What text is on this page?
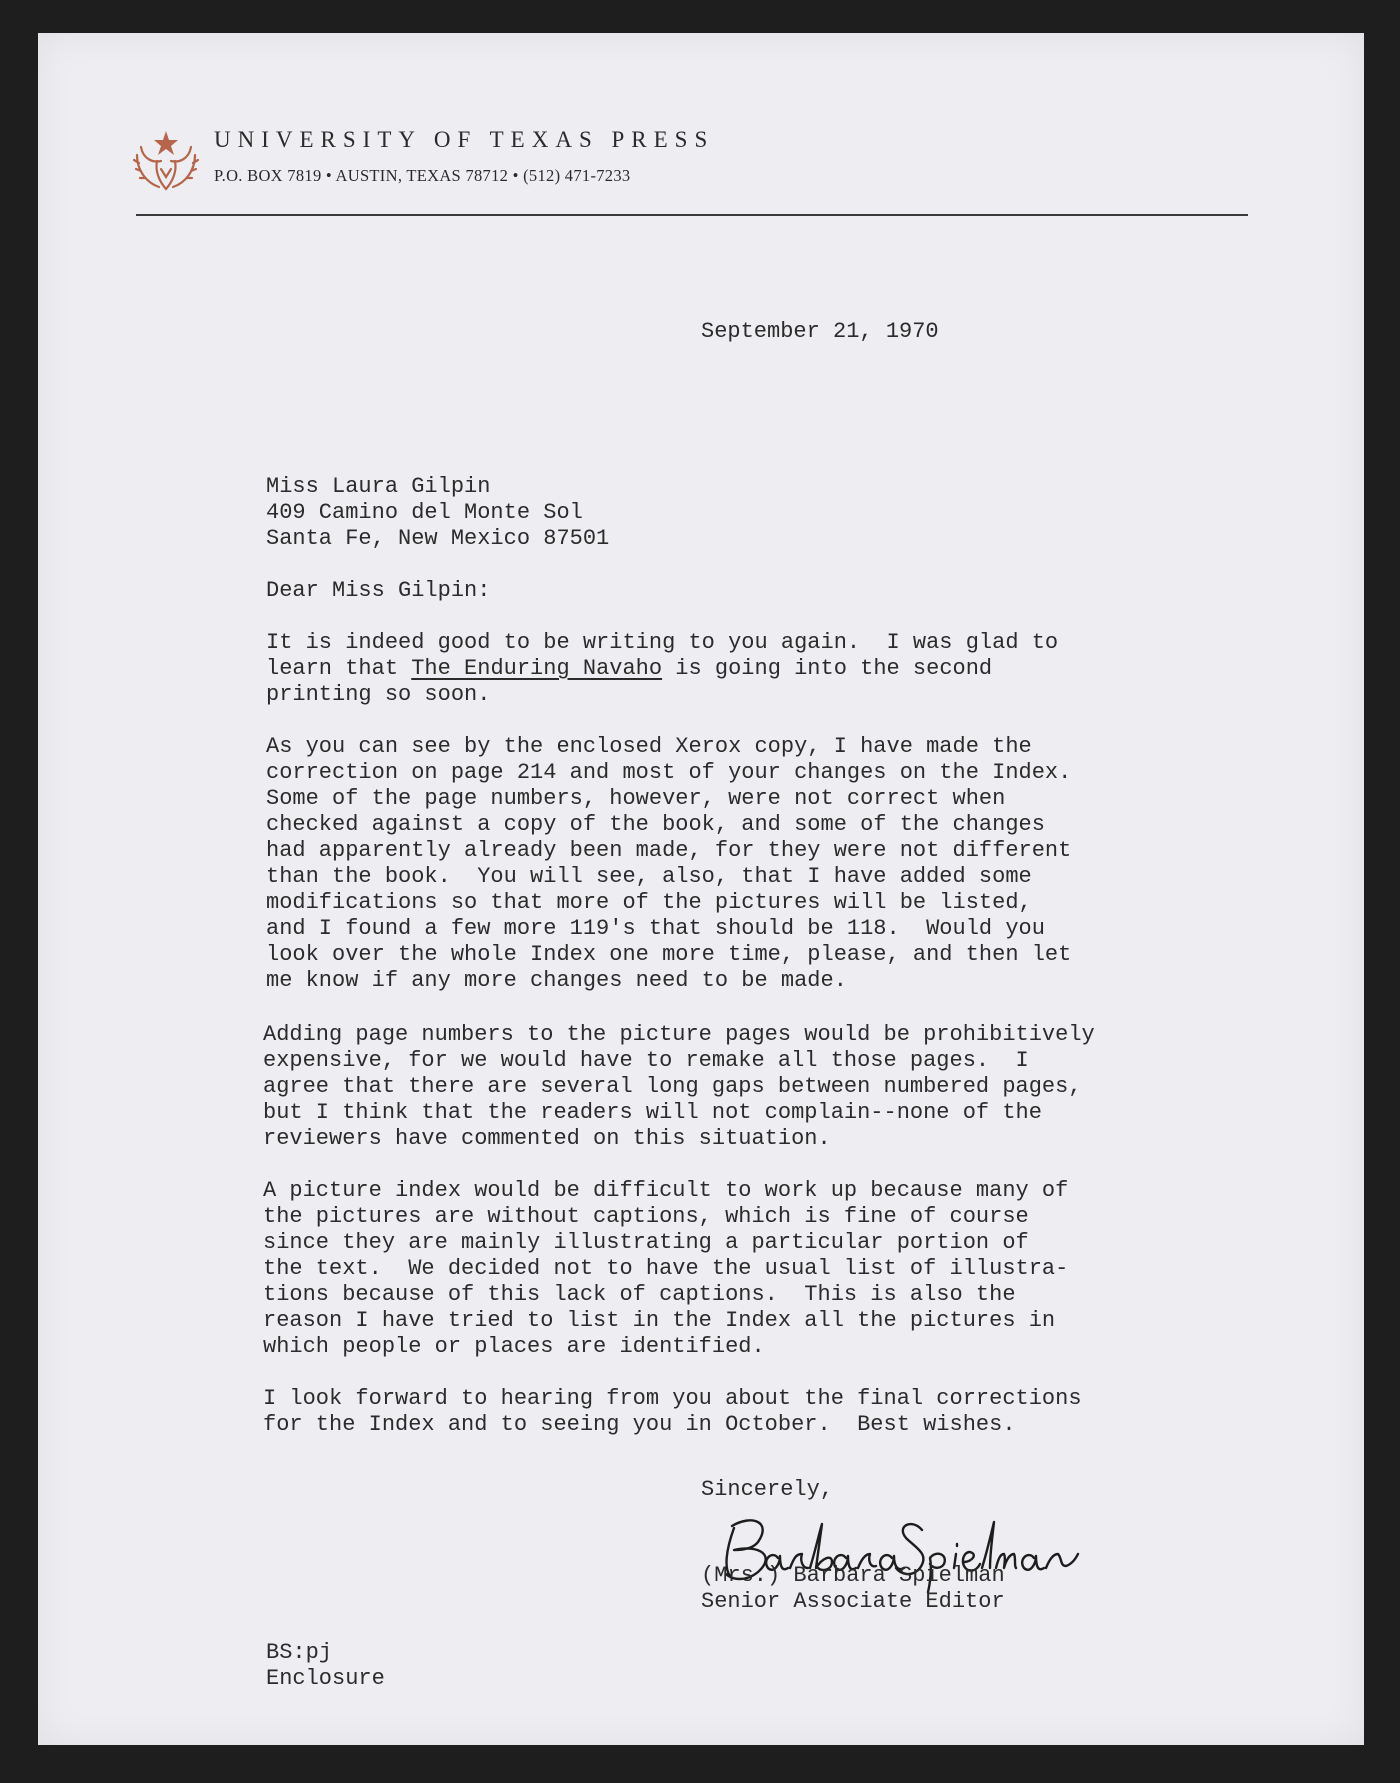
UNIVERSITY OF TEXAS PRESS
P.O. BOX 7819 • AUSTIN, TEXAS 78712 • (512) 471-7233
September 21, 1970
Miss Laura Gilpin
409 Camino del Monte Sol
Santa Fe, New Mexico 87501
Dear Miss Gilpin:
It is indeed good to be writing to you again.  I was glad to
learn that The Enduring Navaho is going into the second
printing so soon.
As you can see by the enclosed Xerox copy, I have made the
correction on page 214 and most of your changes on the Index.
Some of the page numbers, however, were not correct when
checked against a copy of the book, and some of the changes
had apparently already been made, for they were not different
than the book.  You will see, also, that I have added some
modifications so that more of the pictures will be listed,
and I found a few more 119's that should be 118.  Would you
look over the whole Index one more time, please, and then let
me know if any more changes need to be made.
Adding page numbers to the picture pages would be prohibitively
expensive, for we would have to remake all those pages.  I
agree that there are several long gaps between numbered pages,
but I think that the readers will not complain--none of the
reviewers have commented on this situation.
A picture index would be difficult to work up because many of
the pictures are without captions, which is fine of course
since they are mainly illustrating a particular portion of
the text.  We decided not to have the usual list of illustra-
tions because of this lack of captions.  This is also the
reason I have tried to list in the Index all the pictures in
which people or places are identified.
I look forward to hearing from you about the final corrections
for the Index and to seeing you in October.  Best wishes.
Sincerely,
(Mrs.) Barbara Spielman
Senior Associate Editor
BS:pj
Enclosure
